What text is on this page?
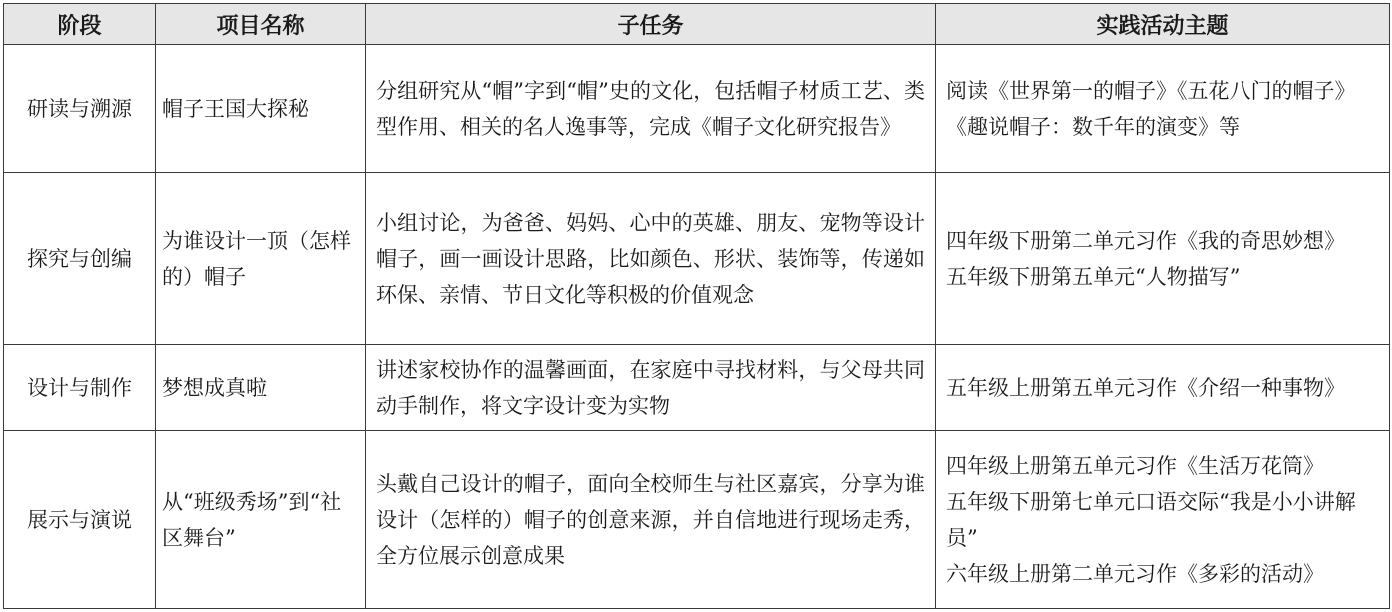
阶段	项目名称	子任务	实践活动主题
研读与溯源	帽子王国大探秘	分组研究从“帽”字到“帽”史的文化，包括帽子材质工艺、类型作用、相关的名人逸事等，完成《帽子文化研究报告》	阅读《世界第一的帽子》《五花八门的帽子》《趣说帽子：数千年的演变》等

探究与创编	为谁设计一顶（怎样的）帽子	小组讨论，为爸爸、妈妈、心中的英雄、朋友、宠物等设计帽子，画一画设计思路，比如颜色、形状、装饰等，传递如环保、亲情、节日文化等积极的价值观念	四年级下册第二单元习作《我的奇思妙想》
五年级下册第五单元“人物描写”

设计与制作	梦想成真啦	讲述家校协作的温馨画面，在家庭中寻找材料，与父母共同动手制作，将文字设计变为实物	五年级上册第五单元习作《介绍一种事物》

展示与演说	从“班级秀场”到“社区舞台”	头戴自己设计的帽子，面向全校师生与社区嘉宾，分享为谁设计（怎样的）帽子的创意来源，并自信地进行现场走秀，全方位展示创意成果	四年级上册第五单元习作《生活万花筒》
五年级下册第七单元口语交际“我是小小讲解员”
六年级上册第二单元习作《多彩的活动》
